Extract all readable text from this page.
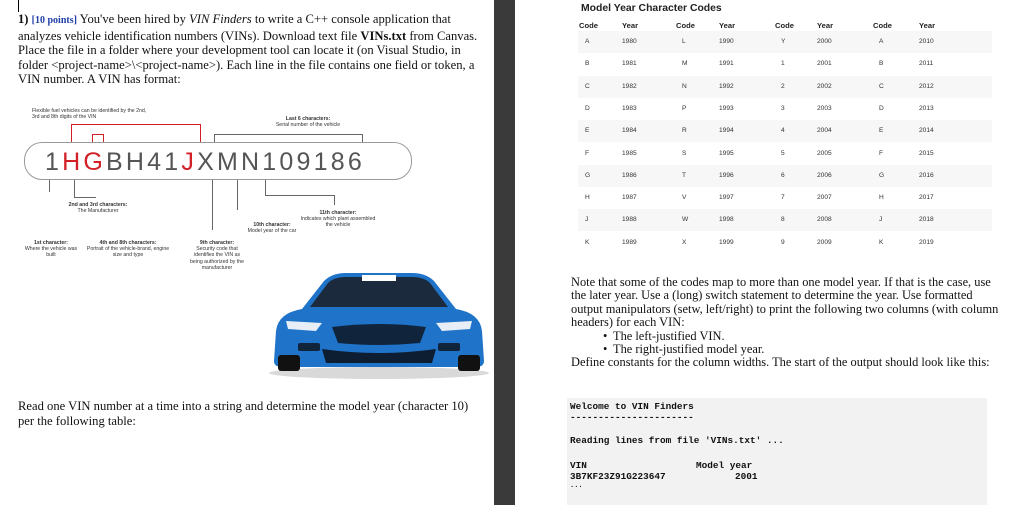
1) [10 points] You've been hired by VIN Finders to write a C++ console application that analyzes vehicle identification numbers (VINs). Download text file VINs.txt from Canvas. Place the file in a folder where your development tool can locate it (on Visual Studio, in folder <project-name>\<project-name>). Each line in the file contains one field or token, a VIN number. A VIN has format:
Flexible fuel vehicles can be identified by the 2nd, 3rd and 8th digits of the VIN	Last 6 characters:
Serial number of the vehicle
1HGBH41JXMN109186
2nd and 3rd characters:
The Manufacturer	11th character:
Indicates which plant assembled the vehicle
10th character:
Model year of the car
1st character:
Where the vehicle was built
4th and 8th characters:
Portrait of the vehicle-brand, engine size and type
9th character:
Security code that identifies the VIN as being authorized by the manufacturer
Read one VIN number at a time into a string and determine the model year (character 10) per the following table:
Model Year Character Codes
Code	Year	Code	Year	Code	Year	Code	Year
A	1980	L	1990	Y	2000	A	2010
B	1981	M	1991	1	2001	B	2011
C	1982	N	1992	2	2002	C	2012
D	1983	P	1993	3	2003	D	2013
E	1984	R	1994	4	2004	E	2014
F	1985	S	1995	5	2005	F	2015
G	1986	T	1996	6	2006	G	2016
H	1987	V	1997	7	2007	H	2017
J	1988	W	1998	8	2008	J	2018
K	1989	X	1999	9	2009	K	2019
Note that some of the codes map to more than one model year. If that is the case, use the later year. Use a (long) switch statement to determine the year. Use formatted output manipulators (setw, left/right) to print the following two columns (with column headers) for each VIN:
• The left-justified VIN.
• The right-justified model year.
Define constants for the column widths. The start of the output should look like this:
Welcome to VIN Finders
----------------------
Reading lines from file 'VINs.txt' ...
VIN	Model year
3B7KF23Z91G223647	2001
...
